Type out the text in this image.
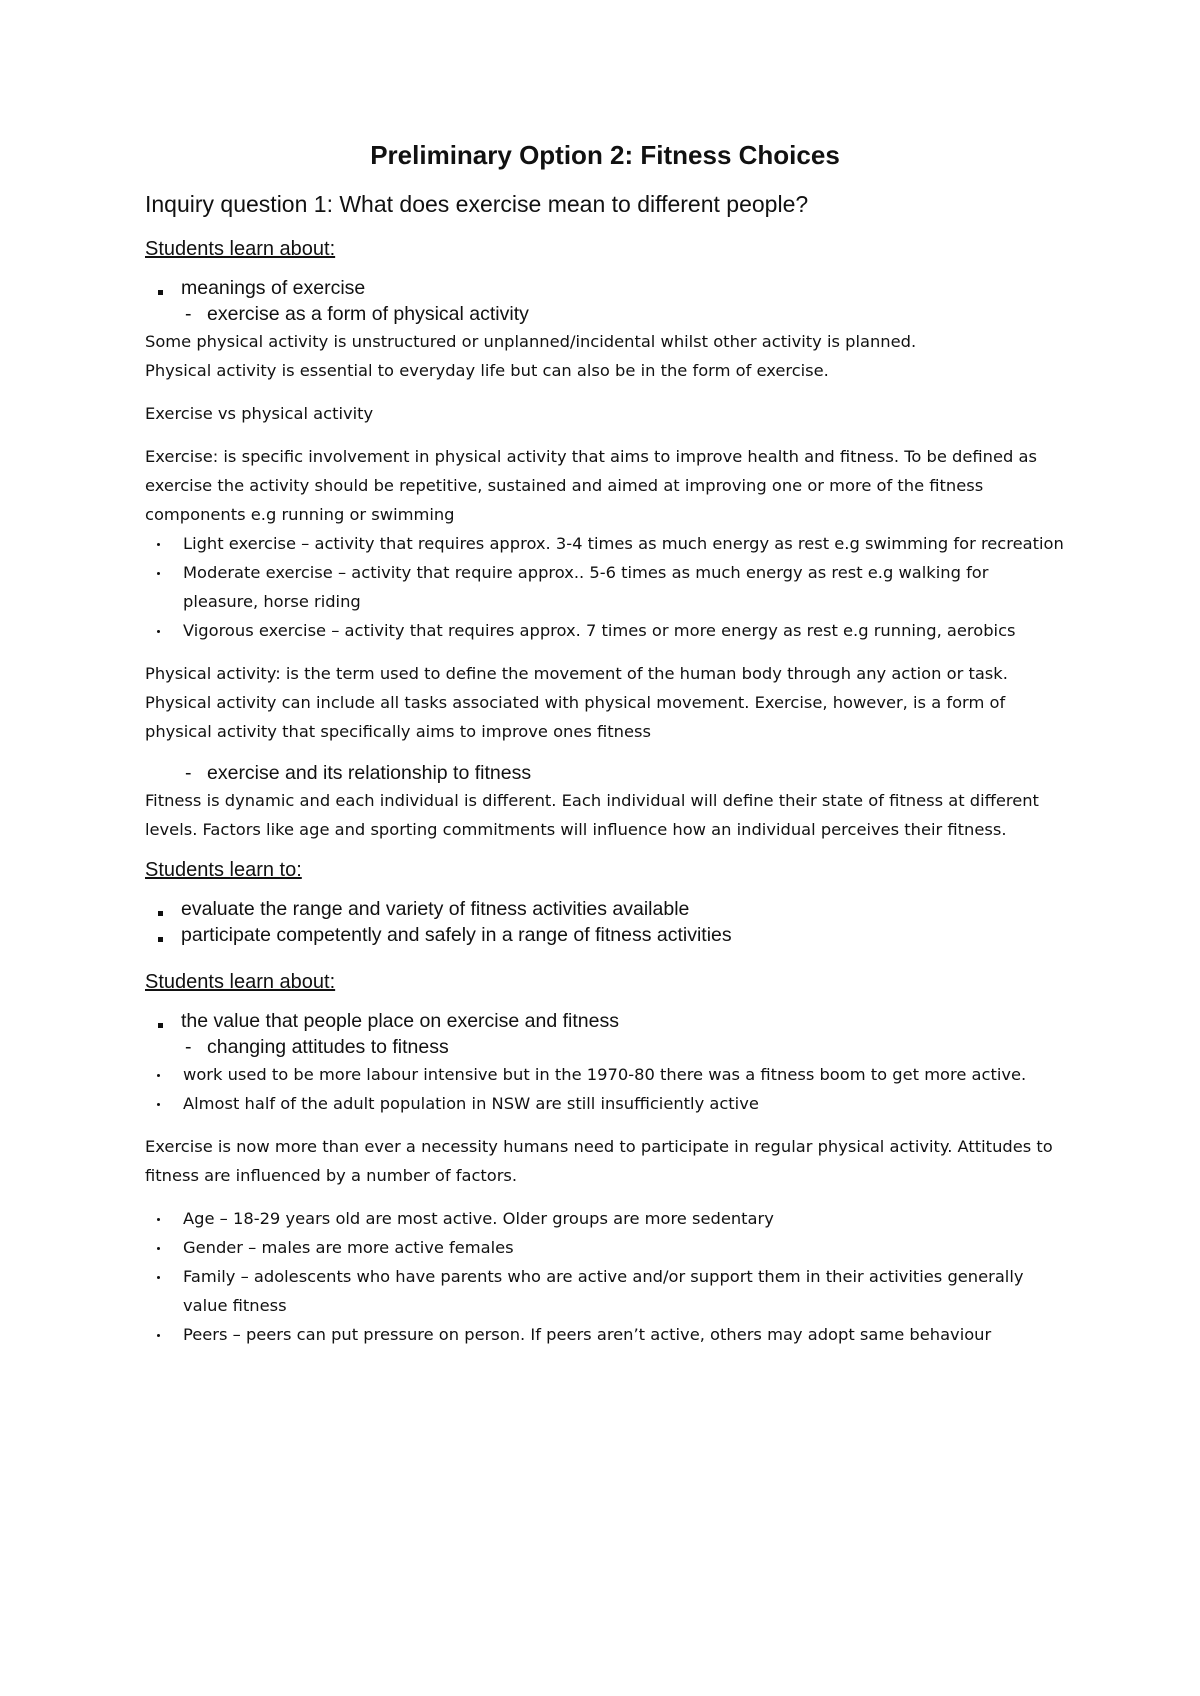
Preliminary Option 2: Fitness Choices
Inquiry question 1: What does exercise mean to different people?
Students learn about:
meanings of exercise
- exercise as a form of physical activity

Some physical activity is unstructured or unplanned/incidental whilst other activity is planned.

Physical activity is essential to everyday life but can also be in the form of exercise.

Exercise vs physical activity

Exercise: is specific involvement in physical activity that aims to improve health and fitness. To be defined as exercise the activity should be repetitive, sustained and aimed at improving one or more of the fitness components e.g running or swimming

Light exercise – activity that requires approx. 3-4 times as much energy as rest e.g swimming for recreation
Moderate exercise – activity that require approx.. 5-6 times as much energy as rest e.g walking for pleasure, horse riding
Vigorous exercise – activity that requires approx. 7 times or more energy as rest e.g running, aerobics

Physical activity: is the term used to define the movement of the human body through any action or task. Physical activity can include all tasks associated with physical movement. Exercise, however, is a form of physical activity that specifically aims to improve ones fitness

- exercise and its relationship to fitness

Fitness is dynamic and each individual is different. Each individual will define their state of fitness at different levels. Factors like age and sporting commitments will influence how an individual perceives their fitness.

Students learn to:
evaluate the range and variety of fitness activities available
participate competently and safely in a range of fitness activities
Students learn about:
the value that people place on exercise and fitness
- changing attitudes to fitness
work used to be more labour intensive but in the 1970-80 there was a fitness boom to get more active.
Almost half of the adult population in NSW are still insufficiently active

Exercise is now more than ever a necessity humans need to participate in regular physical activity. Attitudes to fitness are influenced by a number of factors.

Age – 18-29 years old are most active. Older groups are more sedentary
Gender – males are more active females
Family – adolescents who have parents who are active and/or support them in their activities generally value fitness
Peers – peers can put pressure on person. If peers aren’t active, others may adopt same behaviour
